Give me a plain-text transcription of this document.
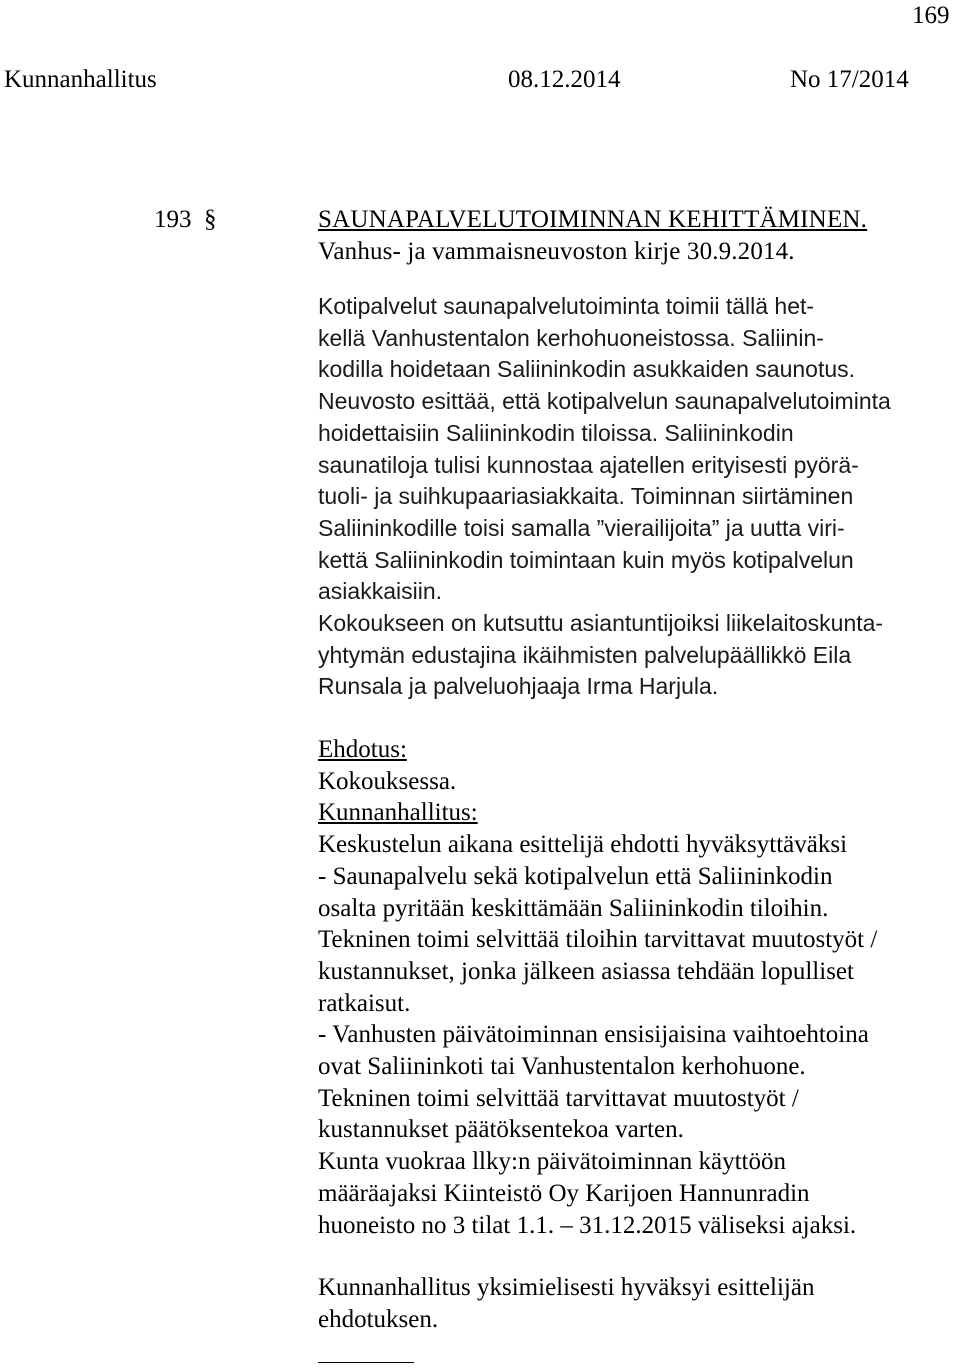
169
Kunnanhallitus	08.12.2014	No 17/2014
193 §	SAUNAPALVELUTOIMINNAN KEHITTÄMINEN.
Vanhus- ja vammaisneuvoston kirje 30.9.2014.
Kotipalvelut saunapalvelutoiminta toimii tällä het-
kellä Vanhustentalon kerhohuoneistossa. Saliinin-
kodilla hoidetaan Saliininkodin asukkaiden saunotus.
Neuvosto esittää, että kotipalvelun saunapalvelutoiminta
hoidettaisiin Saliininkodin tiloissa. Saliininkodin
saunatiloja tulisi kunnostaa ajatellen erityisesti pyörä-
tuoli- ja suihkupaariasiakkaita. Toiminnan siirtäminen
Saliininkodille toisi samalla ”vierailijoita” ja uutta viri-
kettä Saliininkodin toimintaan kuin myös kotipalvelun
asiakkaisiin.
Kokoukseen on kutsuttu asiantuntijoiksi liikelaitoskunta-
yhtymän edustajina ikäihmisten palvelupäällikkö Eila
Runsala ja palveluohjaaja Irma Harjula.
Ehdotus:
Kokouksessa.
Kunnanhallitus:
Keskustelun aikana esittelijä ehdotti hyväksyttäväksi
- Saunapalvelu sekä kotipalvelun että Saliininkodin
osalta pyritään keskittämään Saliininkodin tiloihin.
Tekninen toimi selvittää tiloihin tarvittavat muutostyöt /
kustannukset, jonka jälkeen asiassa tehdään lopulliset
ratkaisut.
- Vanhusten päivätoiminnan ensisijaisina vaihtoehtoina
ovat Saliininkoti tai Vanhustentalon kerhohuone.
Tekninen toimi selvittää tarvittavat muutostyöt /
kustannukset päätöksentekoa varten.
Kunta vuokraa llky:n päivätoiminnan käyttöön
määräajaksi Kiinteistö Oy Karijoen Hannunradin
huoneisto no 3 tilat 1.1. – 31.12.2015 väliseksi ajaksi.
Kunnanhallitus yksimielisesti hyväksyi esittelijän
ehdotuksen.
